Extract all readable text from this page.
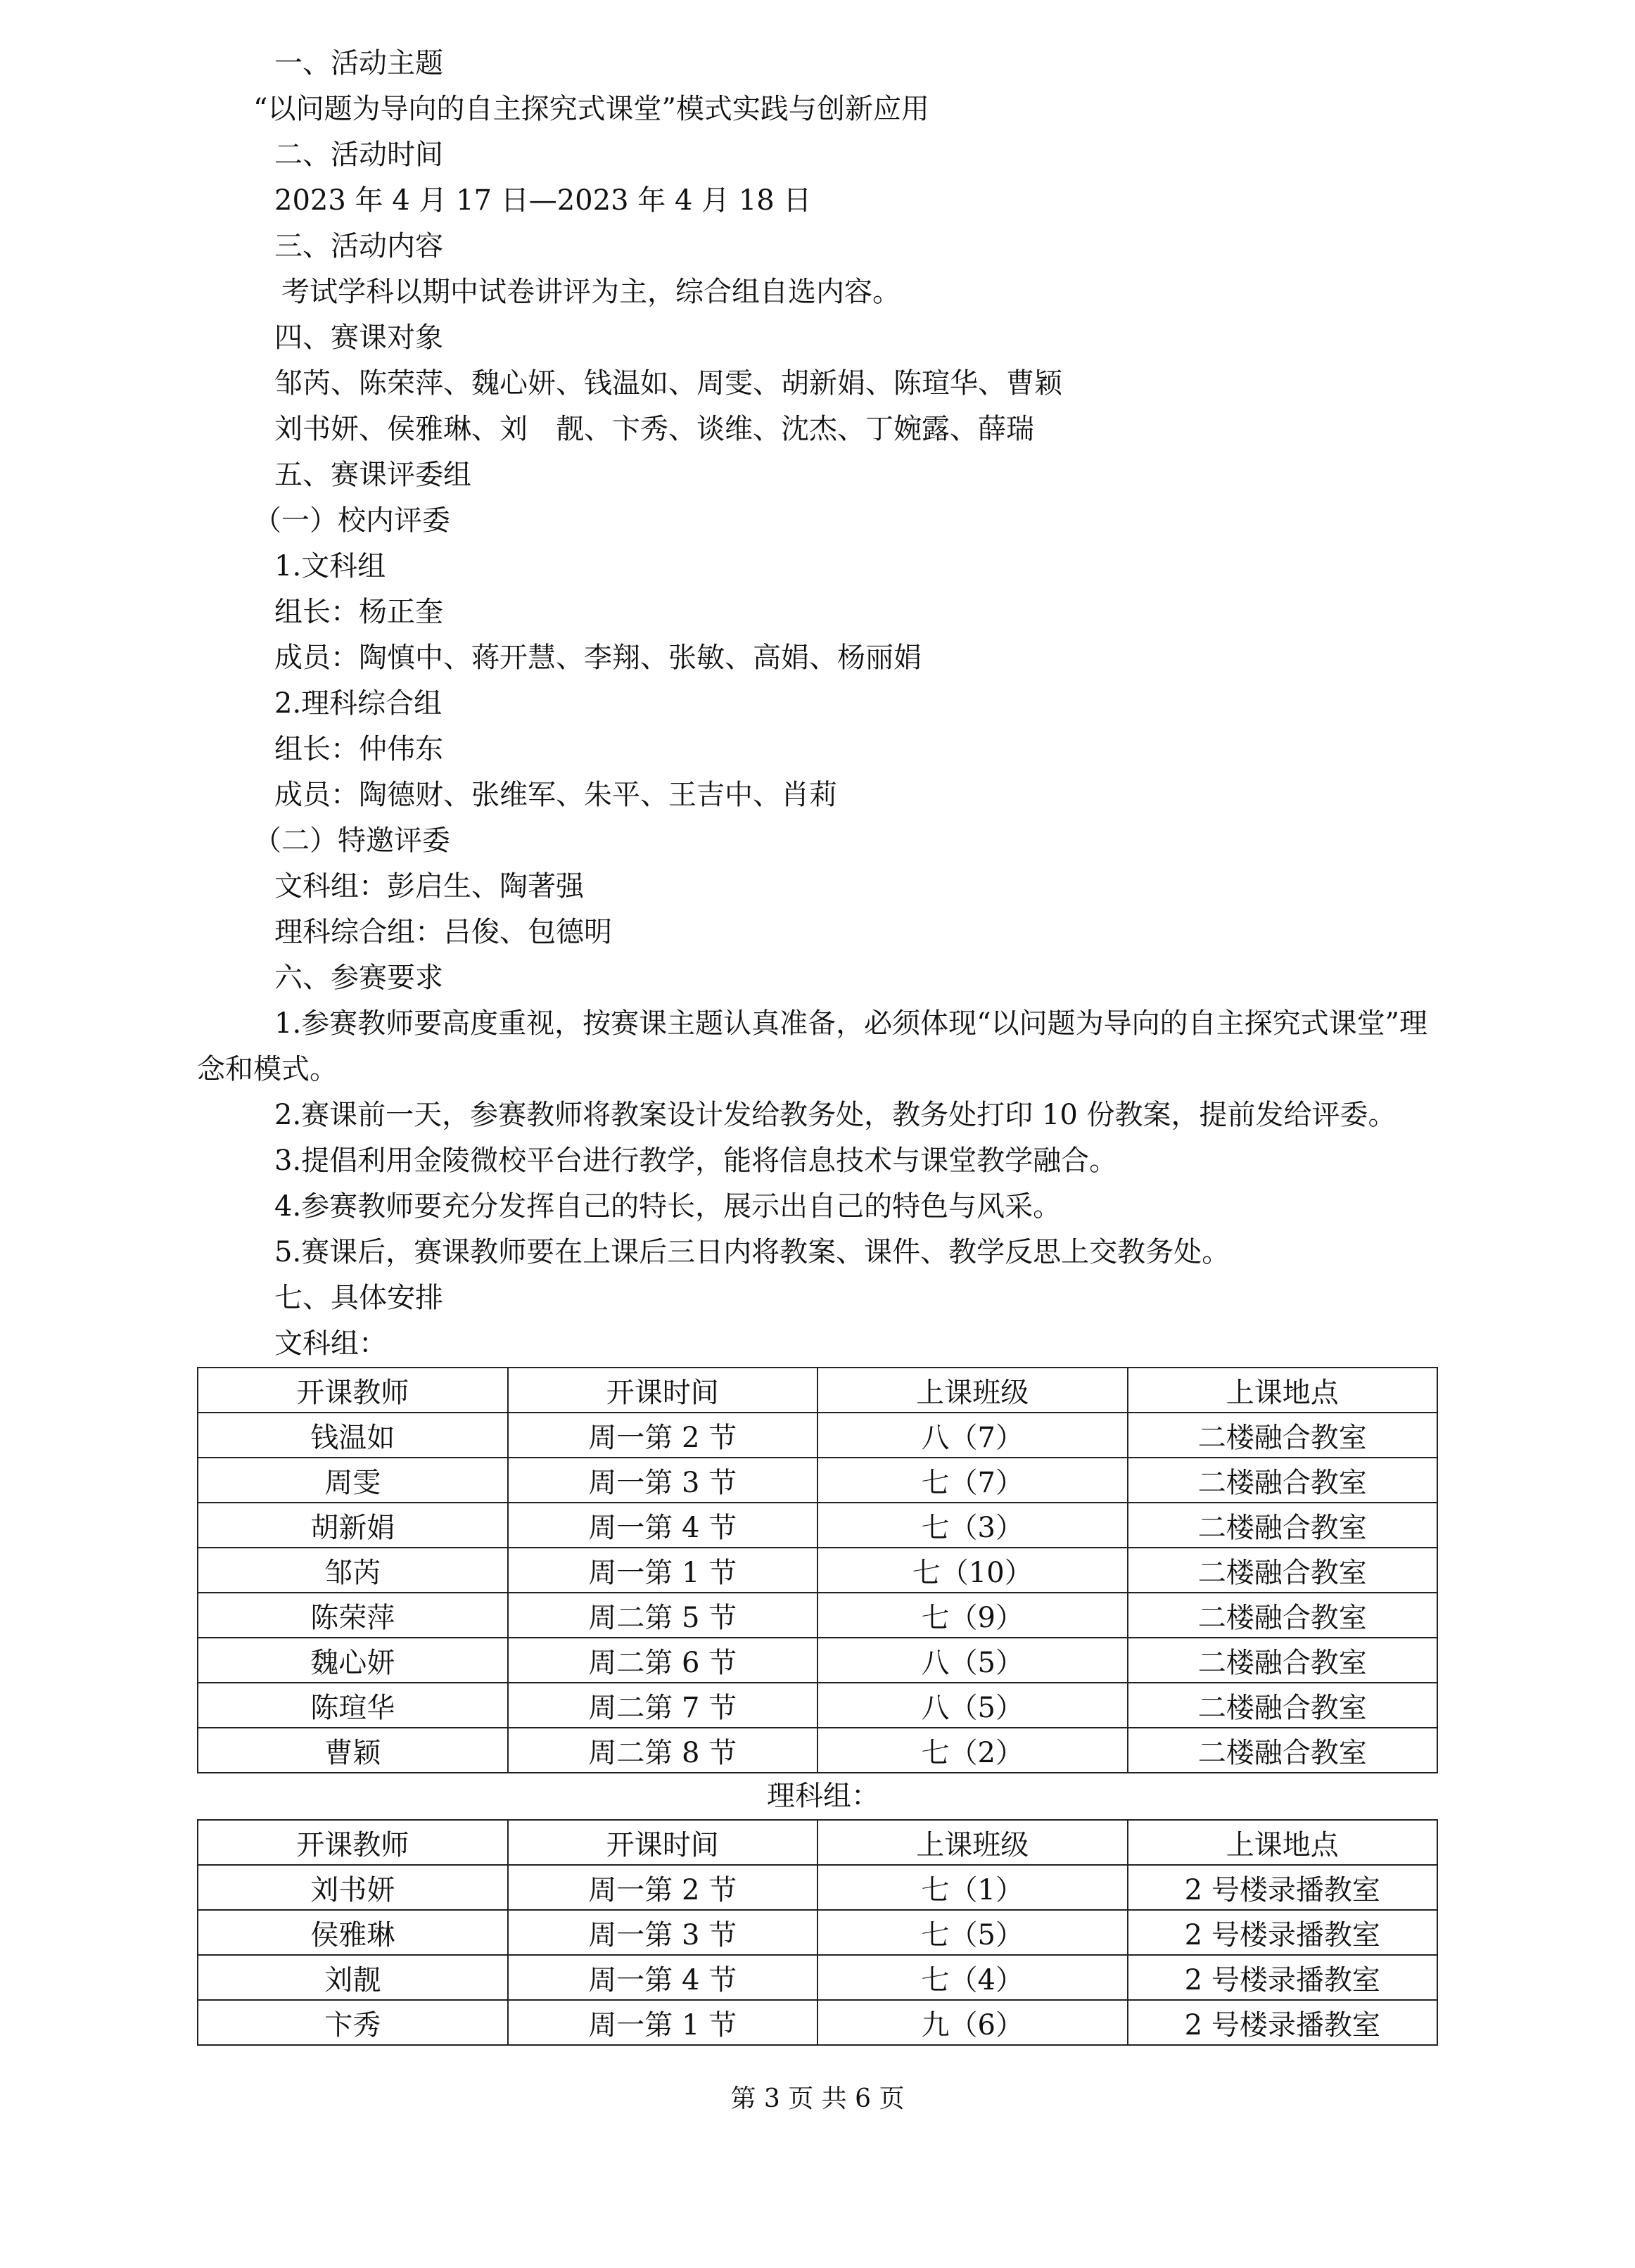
一、活动主题
“以问题为导向的自主探究式课堂”模式实践与创新应用
二、活动时间
2023 年 4 月 17 日—2023 年 4 月 18 日
三、活动内容
考试学科以期中试卷讲评为主，综合组自选内容。
四、赛课对象
邹芮、陈荣萍、魏心妍、钱温如、周雯、胡新娟、陈瑄华、曹颖
刘书妍、侯雅琳、刘　靓、卞秀、谈维、沈杰、丁婉露、薛瑞
五、赛课评委组
（一）校内评委
1.文科组
组长：杨正奎
成员：陶慎中、蒋开慧、李翔、张敏、高娟、杨丽娟
2.理科综合组
组长：仲伟东
成员：陶德财、张维军、朱平、王吉中、肖莉
（二）特邀评委
文科组：彭启生、陶著强
理科综合组：吕俊、包德明
六、参赛要求
1.参赛教师要高度重视，按赛课主题认真准备，必须体现“以问题为导向的自主探究式课堂”理念和模式。
2.赛课前一天，参赛教师将教案设计发给教务处，教务处打印 10 份教案，提前发给评委。
3.提倡利用金陵微校平台进行教学，能将信息技术与课堂教学融合。
4.参赛教师要充分发挥自己的特长，展示出自己的特色与风采。
5.赛课后，赛课教师要在上课后三日内将教案、课件、教学反思上交教务处。
七、具体安排
文科组：
开课教师	开课时间	上课班级	上课地点
钱温如	周一第 2 节	八（7）	二楼融合教室
周雯	周一第 3 节	七（7）	二楼融合教室
胡新娟	周一第 4 节	七（3）	二楼融合教室
邹芮	周一第 1 节	七（10）	二楼融合教室
陈荣萍	周二第 5 节	七（9）	二楼融合教室
魏心妍	周二第 6 节	八（5）	二楼融合教室
陈瑄华	周二第 7 节	八（5）	二楼融合教室
曹颖	周二第 8 节	七（2）	二楼融合教室
理科组：
开课教师	开课时间	上课班级	上课地点
刘书妍	周一第 2 节	七（1）	2 号楼录播教室
侯雅琳	周一第 3 节	七（5）	2 号楼录播教室
刘靓	周一第 4 节	七（4）	2 号楼录播教室
卞秀	周一第 1 节	九（6）	2 号楼录播教室
第 3 页 共 6 页
